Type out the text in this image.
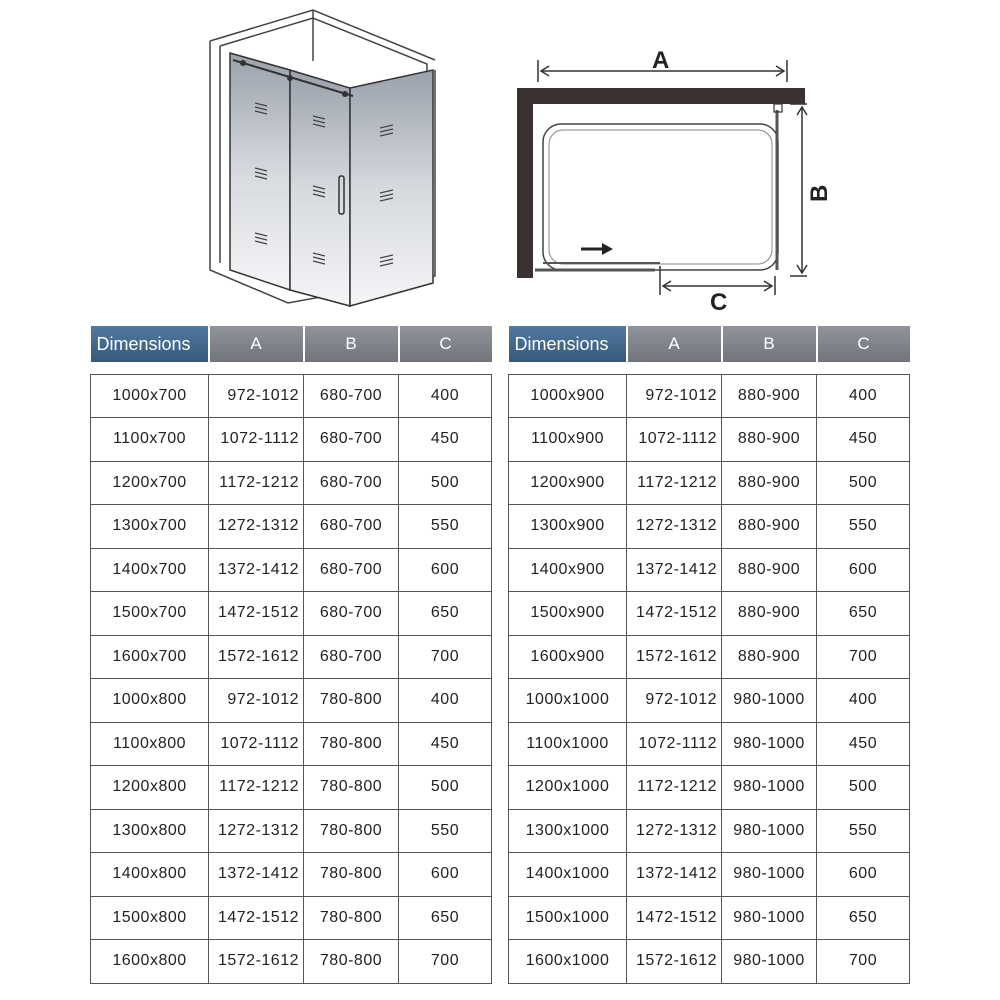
A
B
C
Dimensions	A	B	C

1000x700	972-1012	680-700	400
1100x700	1072-1112	680-700	450
1200x700	1172-1212	680-700	500
1300x700	1272-1312	680-700	550
1400x700	1372-1412	680-700	600
1500x700	1472-1512	680-700	650
1600x700	1572-1612	680-700	700
1000x800	972-1012	780-800	400
1100x800	1072-1112	780-800	450
1200x800	1172-1212	780-800	500
1300x800	1272-1312	780-800	550
1400x800	1372-1412	780-800	600
1500x800	1472-1512	780-800	650
1600x800	1572-1612	780-800	700
Dimensions	A	B	C

1000x900	972-1012	880-900	400
1100x900	1072-1112	880-900	450
1200x900	1172-1212	880-900	500
1300x900	1272-1312	880-900	550
1400x900	1372-1412	880-900	600
1500x900	1472-1512	880-900	650
1600x900	1572-1612	880-900	700
1000x1000	972-1012	980-1000	400
1100x1000	1072-1112	980-1000	450
1200x1000	1172-1212	980-1000	500
1300x1000	1272-1312	980-1000	550
1400x1000	1372-1412	980-1000	600
1500x1000	1472-1512	980-1000	650
1600x1000	1572-1612	980-1000	700
